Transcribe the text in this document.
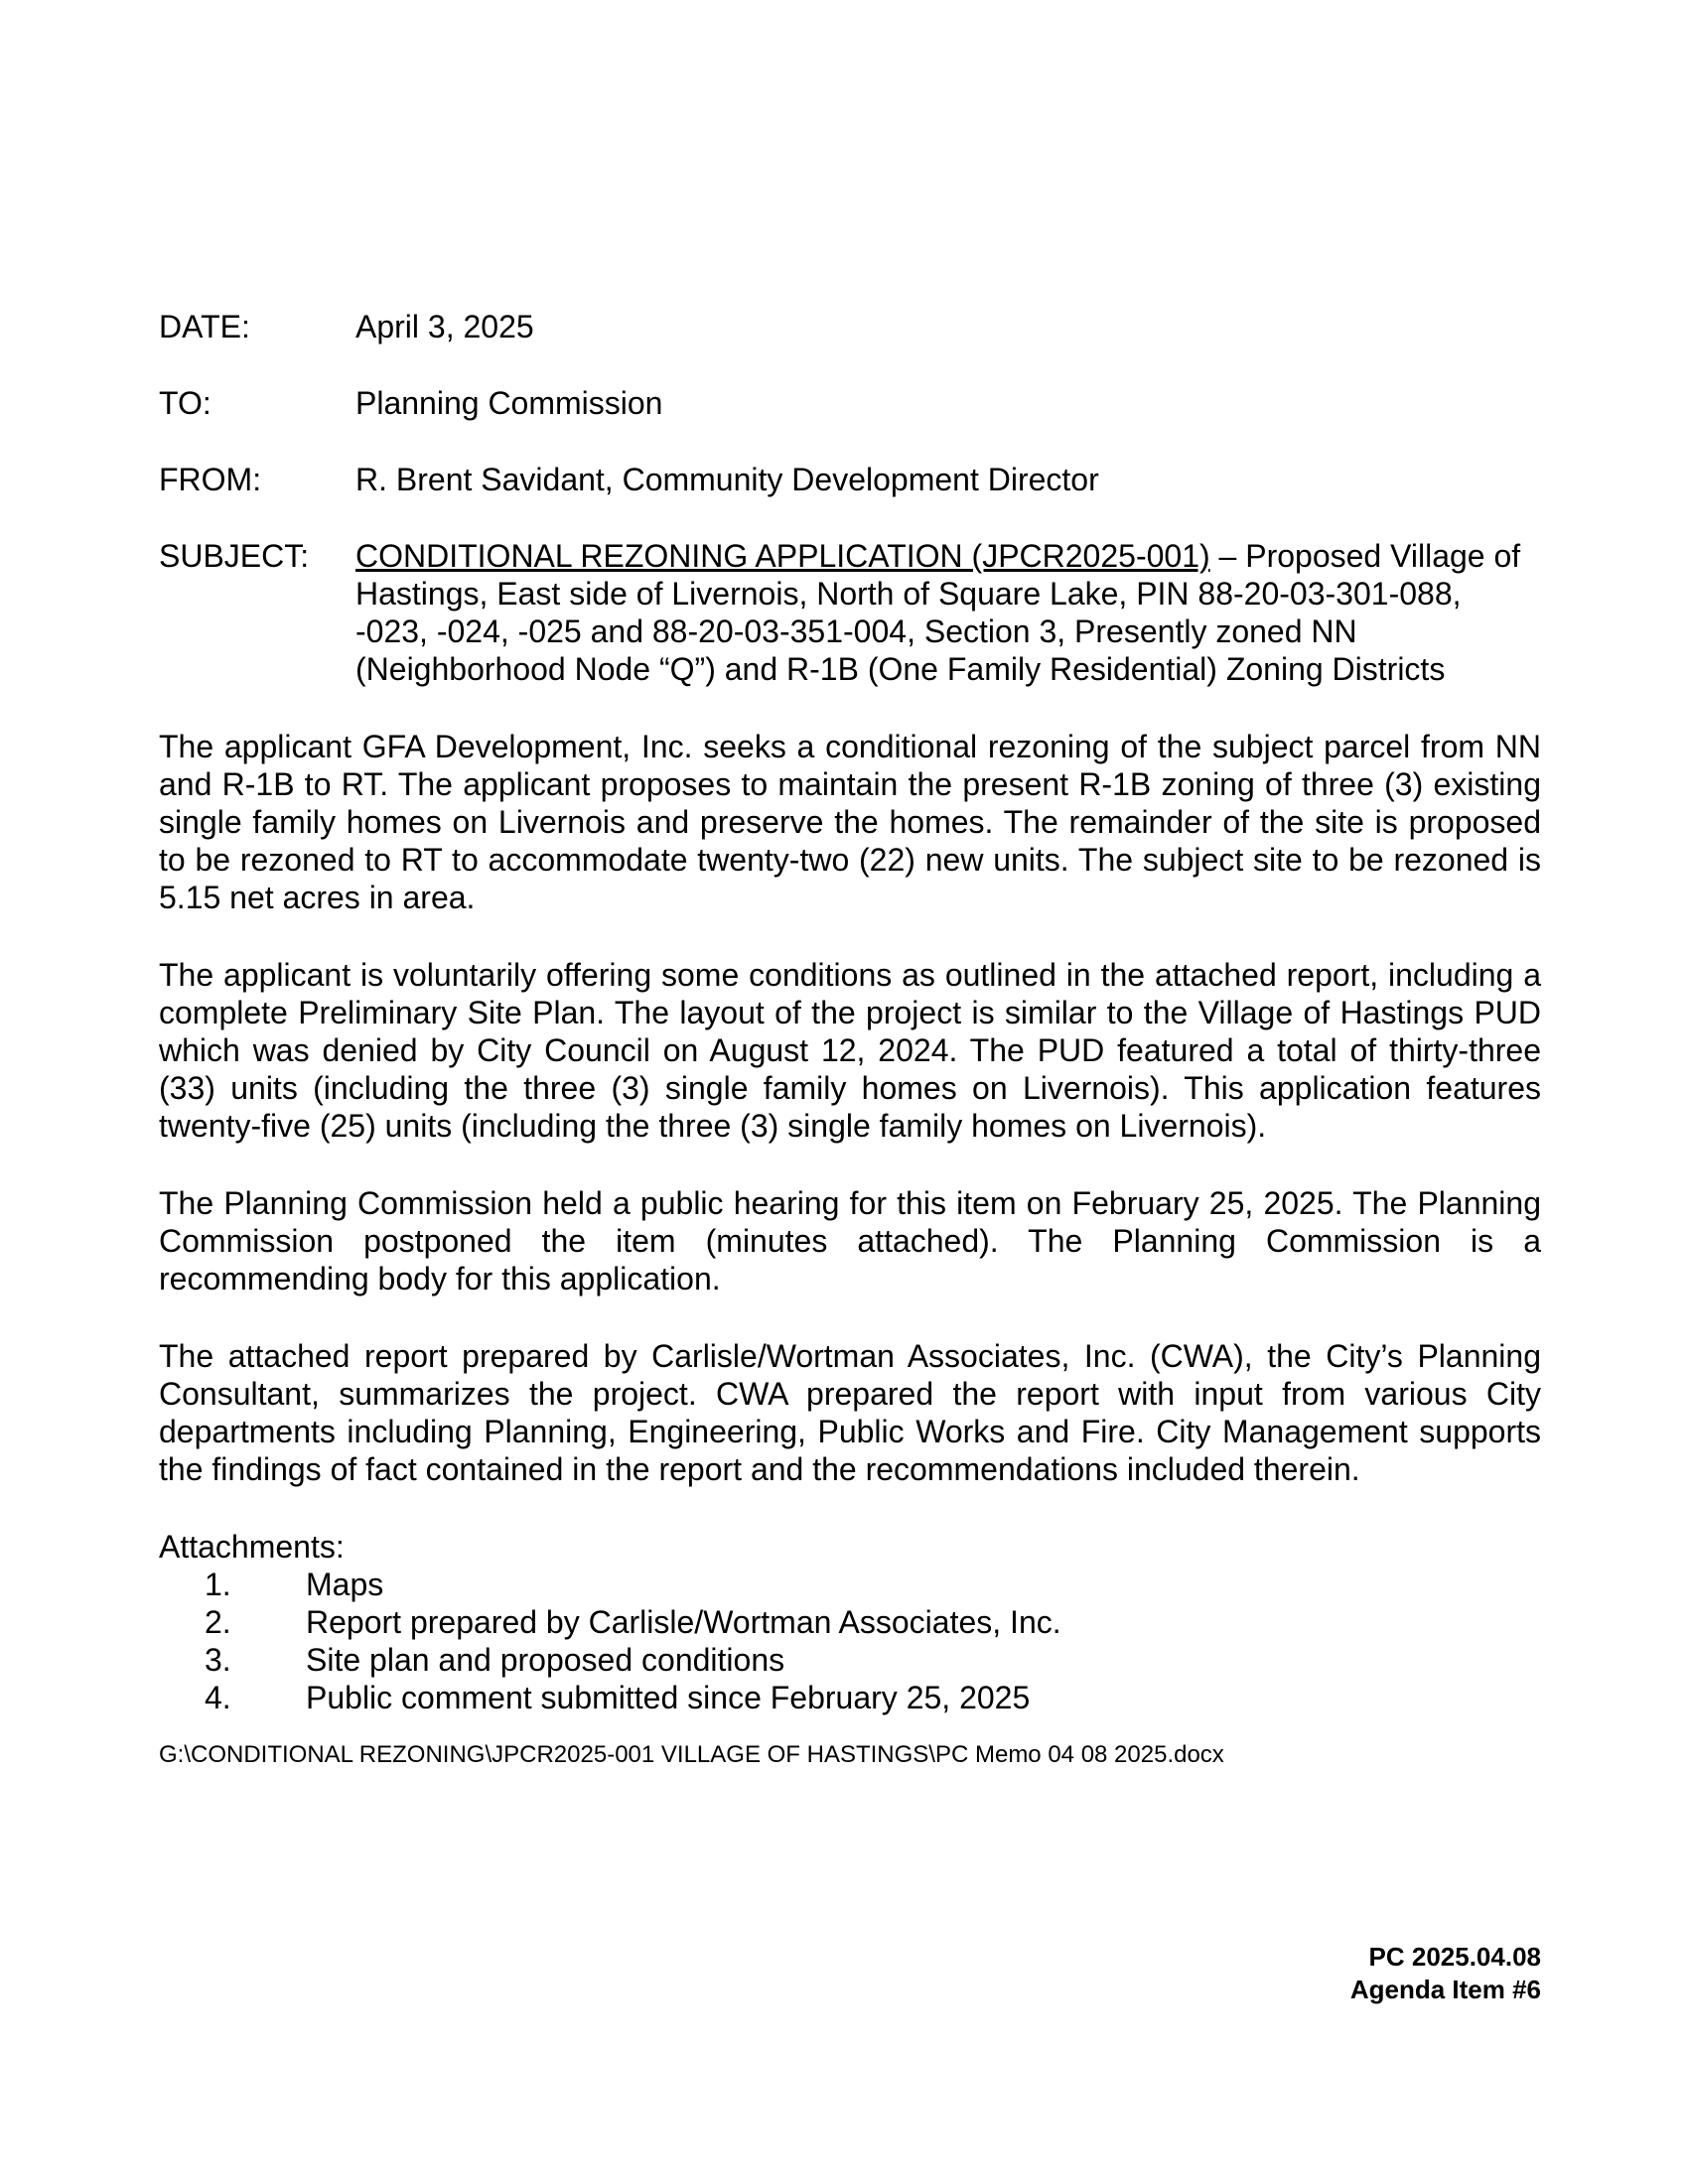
DATE:	April 3, 2025
TO:	Planning Commission
FROM:	R. Brent Savidant, Community Development Director
SUBJECT:	CONDITIONAL REZONING APPLICATION (JPCR2025-001) – Proposed Village of Hastings, East side of Livernois, North of Square Lake, PIN 88-20-03-301-088, -023, -024, -025 and 88-20-03-351-004, Section 3, Presently zoned NN (Neighborhood Node “Q”) and R-1B (One Family Residential) Zoning Districts

The applicant GFA Development, Inc. seeks a conditional rezoning of the subject parcel from NN and R-1B to RT. The applicant proposes to maintain the present R-1B zoning of three (3) existing single family homes on Livernois and preserve the homes. The remainder of the site is proposed to be rezoned to RT to accommodate twenty-two (22) new units. The subject site to be rezoned is 5.15 net acres in area.

The applicant is voluntarily offering some conditions as outlined in the attached report, including a complete Preliminary Site Plan. The layout of the project is similar to the Village of Hastings PUD which was denied by City Council on August 12, 2024. The PUD featured a total of thirty-three (33) units (including the three (3) single family homes on Livernois). This application features twenty-five (25) units (including the three (3) single family homes on Livernois).

The Planning Commission held a public hearing for this item on February 25, 2025. The Planning Commission postponed the item (minutes attached). The Planning Commission is a recommending body for this application.

The attached report prepared by Carlisle/Wortman Associates, Inc. (CWA), the City’s Planning Consultant, summarizes the project. CWA prepared the report with input from various City departments including Planning, Engineering, Public Works and Fire. City Management supports the findings of fact contained in the report and the recommendations included therein.

Attachments:
1.	Maps
2.	Report prepared by Carlisle/Wortman Associates, Inc.
3.	Site plan and proposed conditions
4.	Public comment submitted since February 25, 2025
G:\CONDITIONAL REZONING\JPCR2025-001 VILLAGE OF HASTINGS\PC Memo 04 08 2025.docx
PC 2025.04.08
Agenda Item #6
